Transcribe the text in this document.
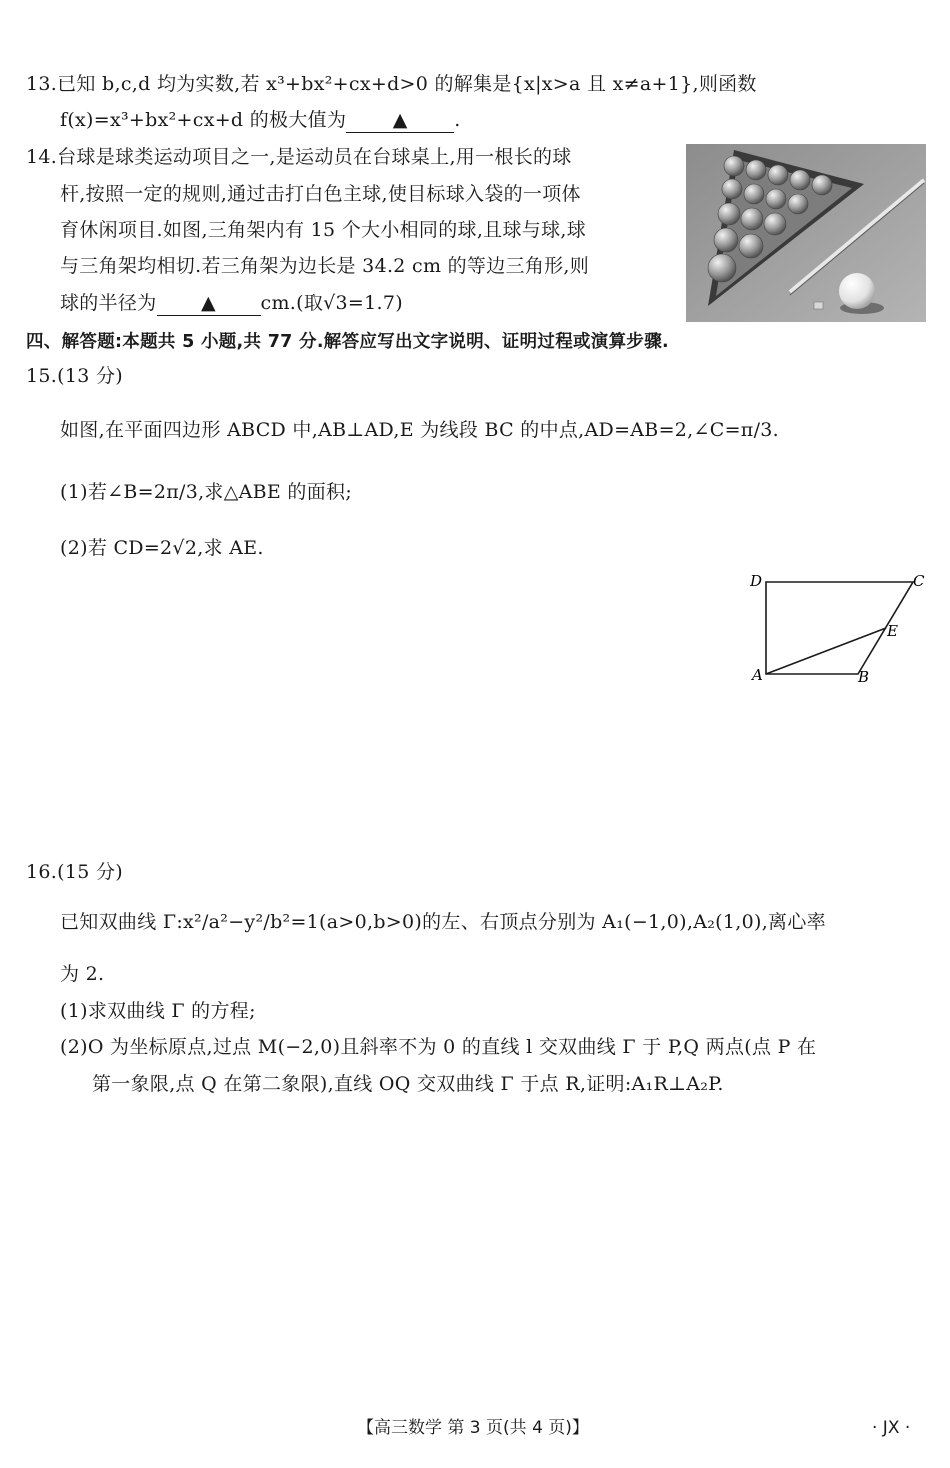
13.已知 b,c,d 均为实数,若 x³+bx²+cx+d>0 的解集是{x|x>a 且 x≠a+1},则函数
f(x)=x³+bx²+cx+d 的极大值为 ▲ .
14.台球是球类运动项目之一,是运动员在台球桌上,用一根长的球
杆,按照一定的规则,通过击打白色主球,使目标球入袋的一项体
育休闲项目.如图,三角架内有 15 个大小相同的球,且球与球,球
与三角架均相切.若三角架为边长是 34.2 cm 的等边三角形,则
球的半径为 ▲ cm.(取√3=1.7)
四、解答题:本题共 5 小题,共 77 分.解答应写出文字说明、证明过程或演算步骤.
15.(13 分)
如图,在平面四边形 ABCD 中,AB⊥AD,E 为线段 BC 的中点,AD=AB=2,∠C=π/3.
(1)若∠B=2π/3,求△ABE 的面积;
(2)若 CD=2√2,求 AE.
D	C
E
A	B
16.(15 分)
已知双曲线 Γ:x²/a²−y²/b²=1(a>0,b>0)的左、右顶点分别为 A₁(−1,0),A₂(1,0),离心率
为 2.
(1)求双曲线 Γ 的方程;
(2)O 为坐标原点,过点 M(−2,0)且斜率不为 0 的直线 l 交双曲线 Γ 于 P,Q 两点(点 P 在
第一象限,点 Q 在第二象限),直线 OQ 交双曲线 Γ 于点 R,证明:A₁R⊥A₂P.
【高三数学 第 3 页(共 4 页)】	· JX ·
